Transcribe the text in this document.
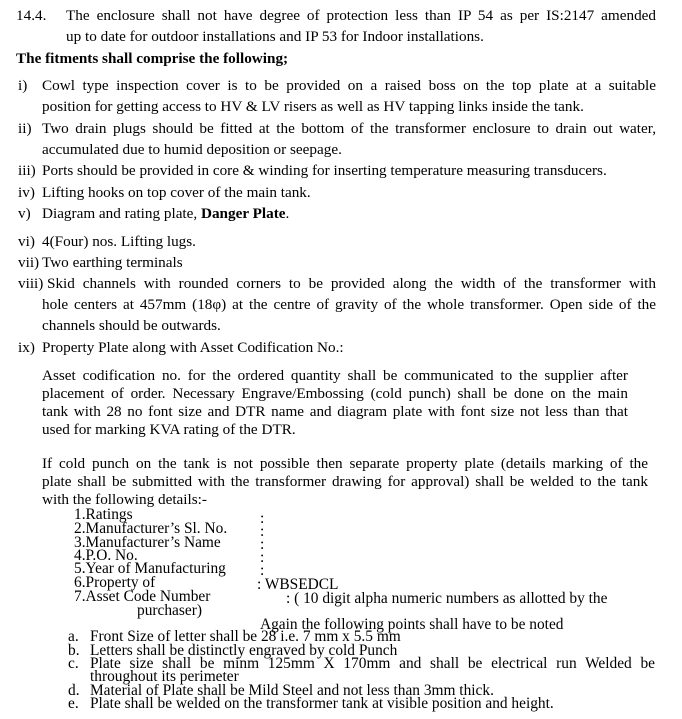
14.4. The enclosure shall not have degree of protection less than IP 54 as per IS:2147 amended
up to date for outdoor installations and IP 53 for Indoor installations.
The fitments shall comprise the following;
i) Cowl type inspection cover is to be provided on a raised boss on the top plate at a suitable
position for getting access to HV & LV risers as well as HV tapping links inside the tank.
ii) Two drain plugs should be fitted at the bottom of the transformer enclosure to drain out water,
accumulated due to humid deposition or seepage.
iii) Ports should be provided in core & winding for inserting temperature measuring transducers.
iv) Lifting hooks on top cover of the main tank.
v) Diagram and rating plate, Danger Plate.
vi) 4(Four) nos. Lifting lugs.
vii) Two earthing terminals
viii) Skid channels with rounded corners to be provided along the width of the transformer with
hole centers at 457mm (18φ) at the centre of gravity of the whole transformer. Open side of the
channels should be outwards.
ix) Property Plate along with Asset Codification No.:
Asset codification no. for the ordered quantity shall be communicated to the supplier after
placement of order. Necessary Engrave/Embossing (cold punch) shall be done on the main
tank with 28 no font size and DTR name and diagram plate with font size not less than that
used for marking KVA rating of the DTR.
If cold punch on the tank is not possible then separate property plate (details marking of the
plate shall be submitted with the transformer drawing for approval) shall be welded to the tank
with the following details:-
1.Ratings	:
2.Manufacturer’s Sl. No. :
3.Manufacturer’s Name	:
4.P.O. No.	:
5.Year of Manufacturing :
6.Property of	: WBSEDCL
7.Asset Code Number	: ( 10 digit alpha numeric numbers as allotted by the
purchaser)
Again the following points shall have to be noted
a. Front Size of letter shall be 28 i.e. 7 mm x 5.5 mm
b. Letters shall be distinctly engraved by cold Punch
c. Plate size shall be minm 125mm X 170mm and shall be electrical run Welded be
throughout its perimeter
d. Material of Plate shall be Mild Steel and not less than 3mm thick.
e. Plate shall be welded on the transformer tank at visible position and height.
